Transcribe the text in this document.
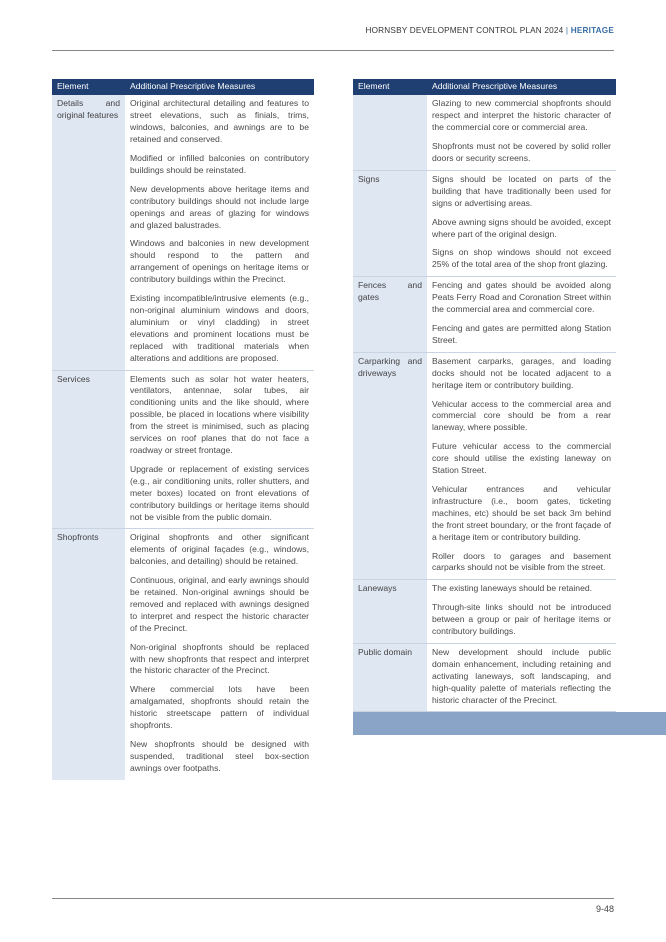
HORNSBY DEVELOPMENT CONTROL PLAN 2024 | HERITAGE
Element	Additional Prescriptive Measures

Details and original features	Original architectural detailing and features to street elevations, such as finials, trims, windows, balconies, and awnings are to be retained and conserved.

Modified or infilled balconies on contributory buildings should be reinstated.

New developments above heritage items and contributory buildings should not include large openings and areas of glazing for windows and glazed balustrades.

Windows and balconies in new development should respond to the pattern and arrangement of openings on heritage items or contributory buildings within the Precinct.

Existing incompatible/intrusive elements (e.g., non-original aluminium windows and doors, aluminium or vinyl cladding) in street elevations and prominent locations must be replaced with traditional materials when alterations and additions are proposed.

Services	Elements such as solar hot water heaters, ventilators, antennae, solar tubes, air conditioning units and the like should, where possible, be placed in locations where visibility from the street is minimised, such as placing services on roof planes that do not face a roadway or street frontage.

Upgrade or replacement of existing services (e.g., air conditioning units, roller shutters, and meter boxes) located on front elevations of contributory buildings or heritage items should not be visible from the public domain.

Shopfronts	Original shopfronts and other significant elements of original façades (e.g., windows, balconies, and detailing) should be retained.

Continuous, original, and early awnings should be retained. Non-original awnings should be removed and replaced with awnings designed to interpret and respect the historic character of the Precinct.

Non-original shopfronts should be replaced with new shopfronts that respect and interpret the historic character of the Precinct.

Where commercial lots have been amalgamated, shopfronts should retain the historic streetscape pattern of individual shopfronts.

New shopfronts should be designed with suspended, traditional steel box-section awnings over footpaths.

Element	Additional Prescriptive Measures

	Glazing to new commercial shopfronts should respect and interpret the historic character of the commercial core or commercial area.

Shopfronts must not be covered by solid roller doors or security screens.

Signs	Signs should be located on parts of the building that have traditionally been used for signs or advertising areas.

Above awning signs should be avoided, except where part of the original design.

Signs on shop windows should not exceed 25% of the total area of the shop front glazing.

Fences and gates	Fencing and gates should be avoided along Peats Ferry Road and Coronation Street within the commercial area and commercial core.

Fencing and gates are permitted along Station Street.

Carparking and driveways	Basement carparks, garages, and loading docks should not be located adjacent to a heritage item or contributory building.

Vehicular access to the commercial area and commercial core should be from a rear laneway, where possible.

Future vehicular access to the commercial core should utilise the existing laneway on Station Street.

Vehicular entrances and vehicular infrastructure (i.e., boom gates, ticketing machines, etc) should be set back 3m behind the front street boundary, or the front façade of a heritage item or contributory building.

Roller doors to garages and basement carparks should not be visible from the street.

Laneways	The existing laneways should be retained.

Through-site links should not be introduced between a group or pair of heritage items or contributory buildings.

Public domain	New development should include public domain enhancement, including retaining and activating laneways, soft landscaping, and high-quality palette of materials reflecting the historic character of the Precinct.

9-48
